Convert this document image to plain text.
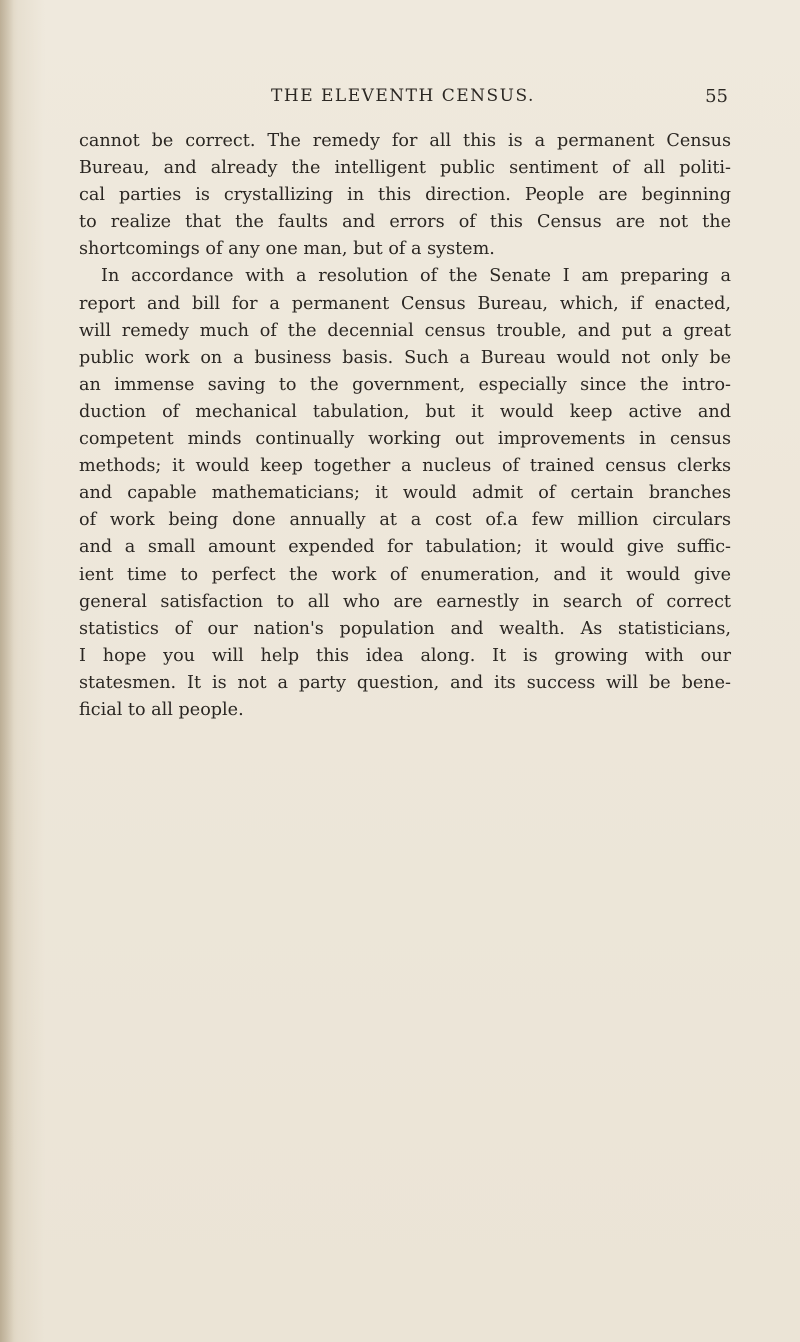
THE ELEVENTH CENSUS.	55
cannot be correct. The remedy for all this is a permanent Census
Bureau, and already the intelligent public sentiment of all politi-
cal parties is crystallizing in this direction. People are beginning
to realize that the faults and errors of this Census are not the
shortcomings of any one man, but of a system.
In accordance with a resolution of the Senate I am preparing a
report and bill for a permanent Census Bureau, which, if enacted,
will remedy much of the decennial census trouble, and put a great
public work on a business basis. Such a Bureau would not only be
an immense saving to the government, especially since the intro-
duction of mechanical tabulation, but it would keep active and
competent minds continually working out improvements in census
methods; it would keep together a nucleus of trained census clerks
and capable mathematicians; it would admit of certain branches
of work being done annually at a cost of.a few million circulars
and a small amount expended for tabulation; it would give suffic-
ient time to perfect the work of enumeration, and it would give
general satisfaction to all who are earnestly in search of correct
statistics of our nation's population and wealth. As statisticians,
I hope you will help this idea along. It is growing with our
statesmen. It is not a party question, and its success will be bene-
ficial to all people.
